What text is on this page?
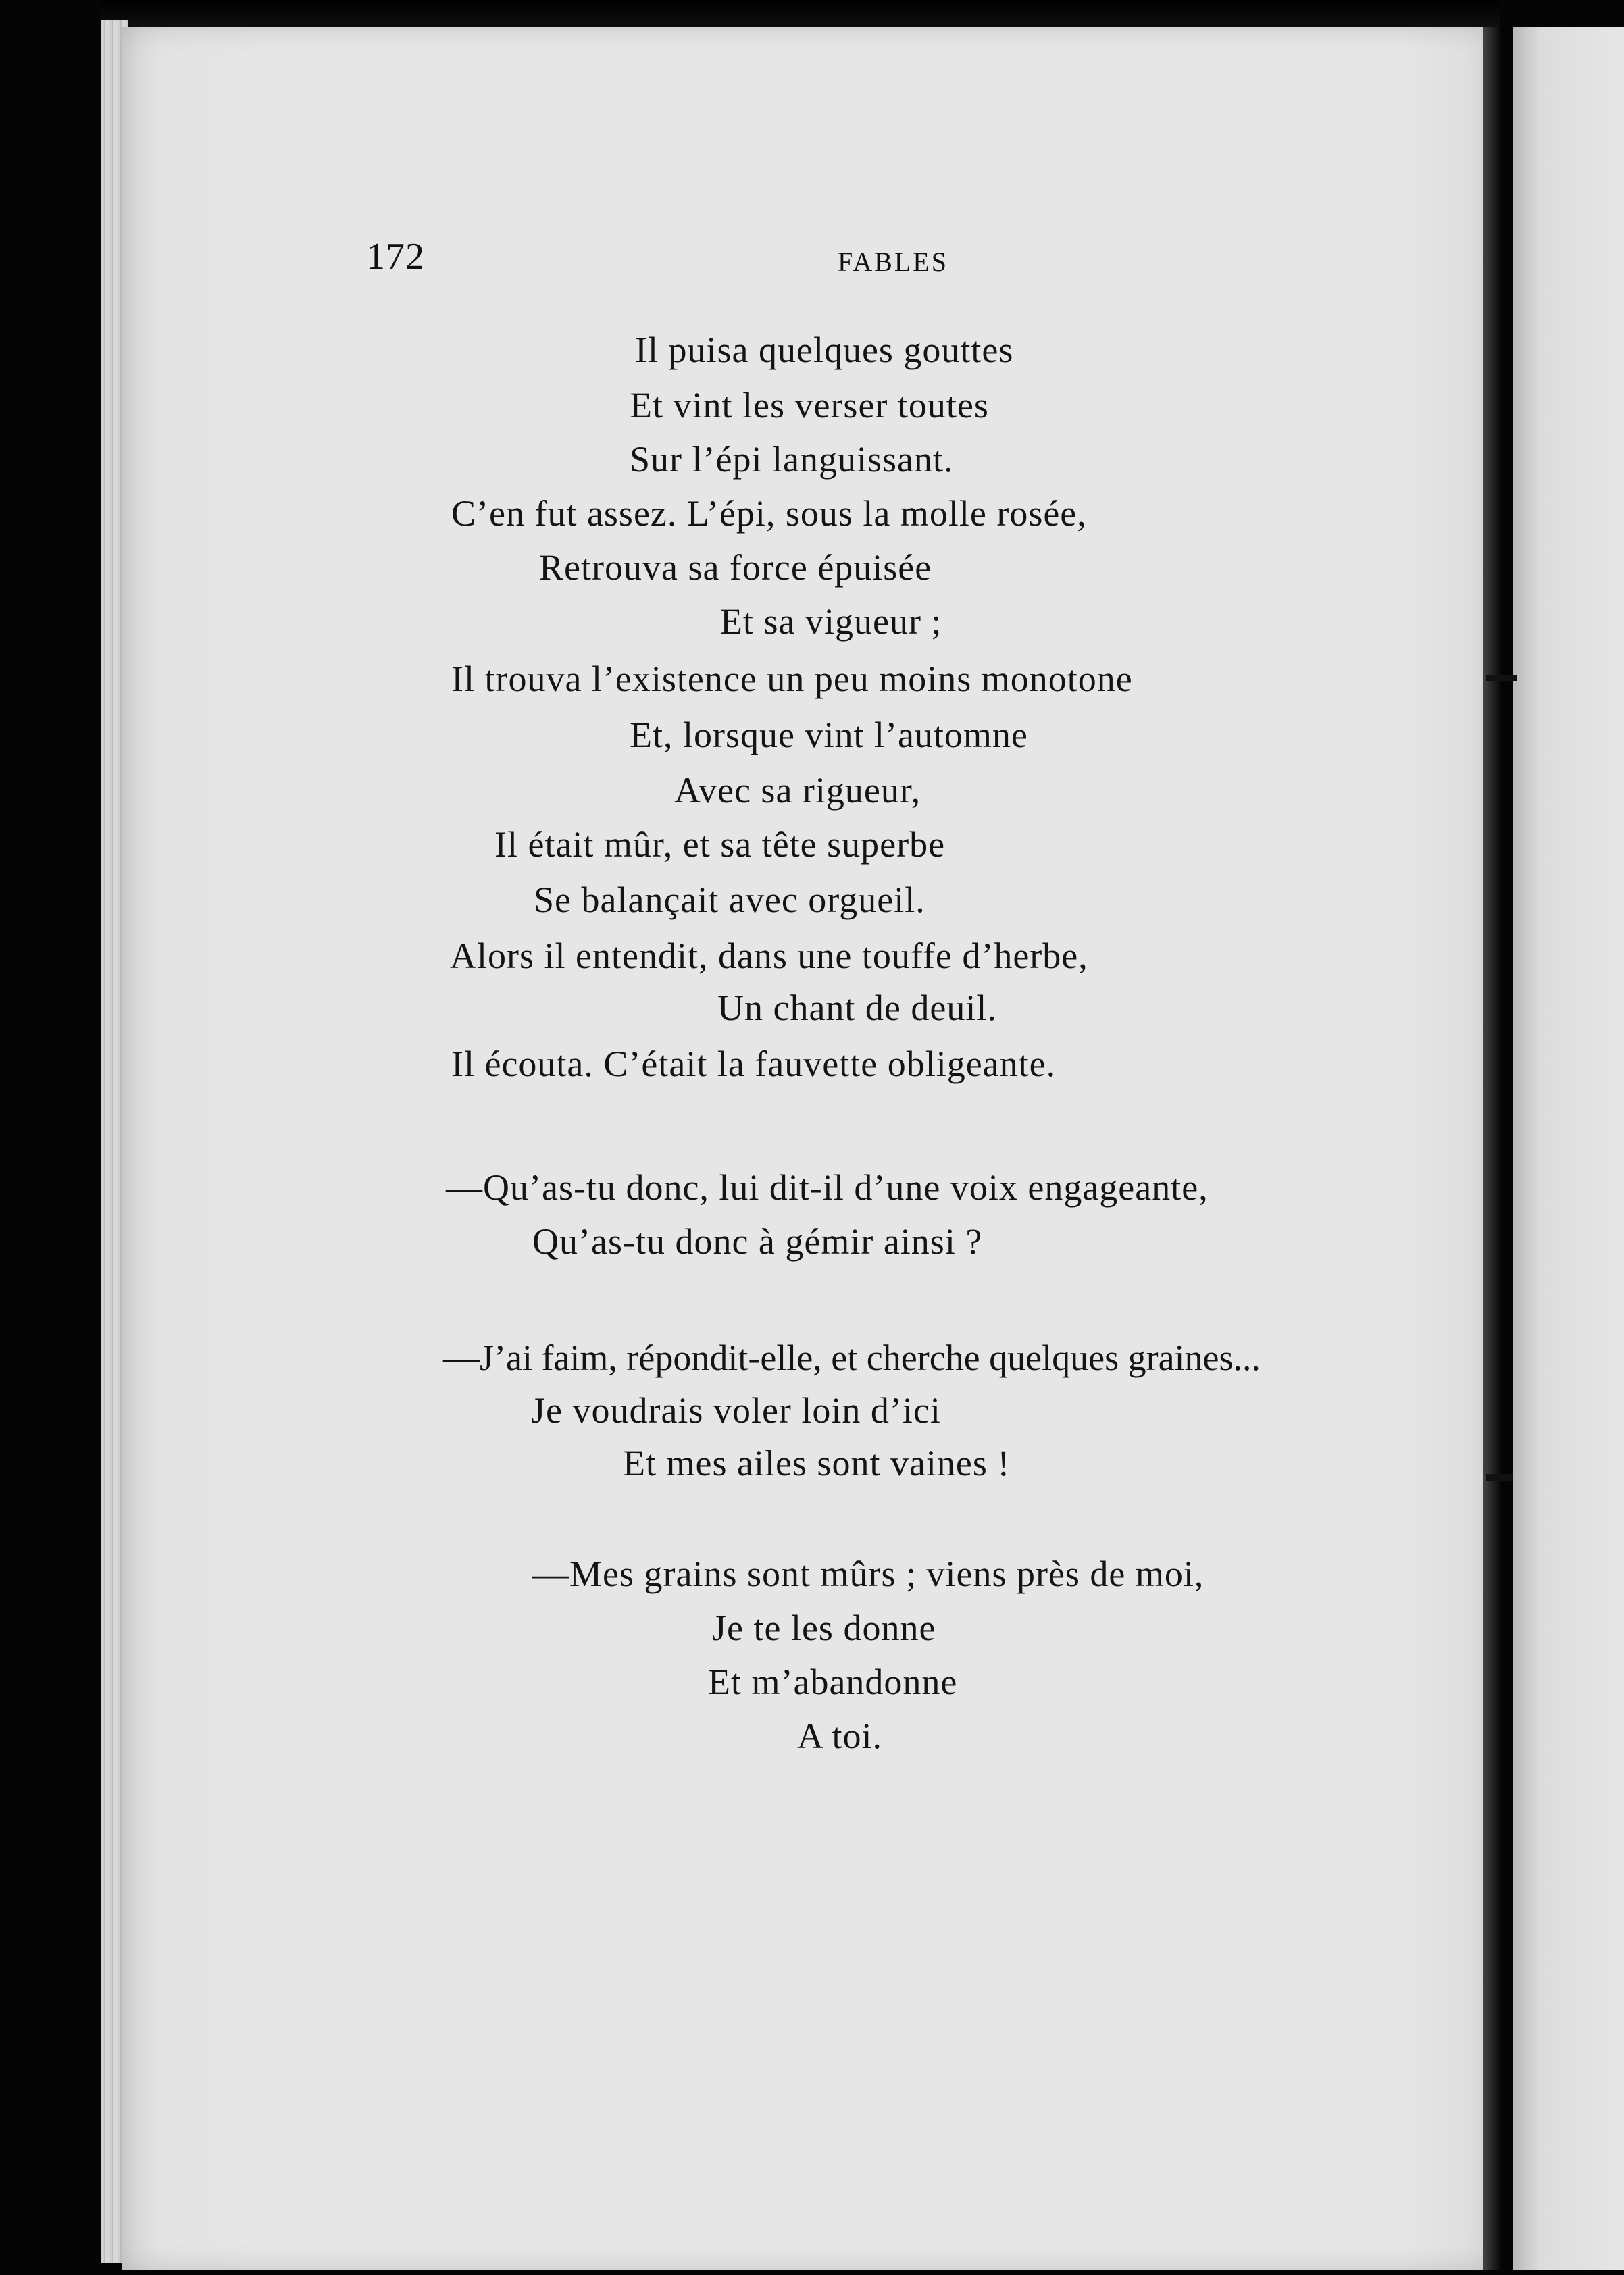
172	FABLES
Il puisa quelques gouttes
Et vint les verser toutes
Sur l’épi languissant.
C’en fut assez. L’épi, sous la molle rosée,
Retrouva sa force épuisée
Et sa vigueur ;
Il trouva l’existence un peu moins monotone
Et, lorsque vint l’automne
Avec sa rigueur,
Il était mûr, et sa tête superbe
Se balançait avec orgueil.
Alors il entendit, dans une touffe d’herbe,
Un chant de deuil.
Il écouta. C’était la fauvette obligeante.
—Qu’as-tu donc, lui dit-il d’une voix engageante,
Qu’as-tu donc à gémir ainsi ?
—J’ai faim, répondit-elle, et cherche quelques graines...
Je voudrais voler loin d’ici
Et mes ailes sont vaines !
—Mes grains sont mûrs ; viens près de moi,
Je te les donne
Et m’abandonne
A toi.
